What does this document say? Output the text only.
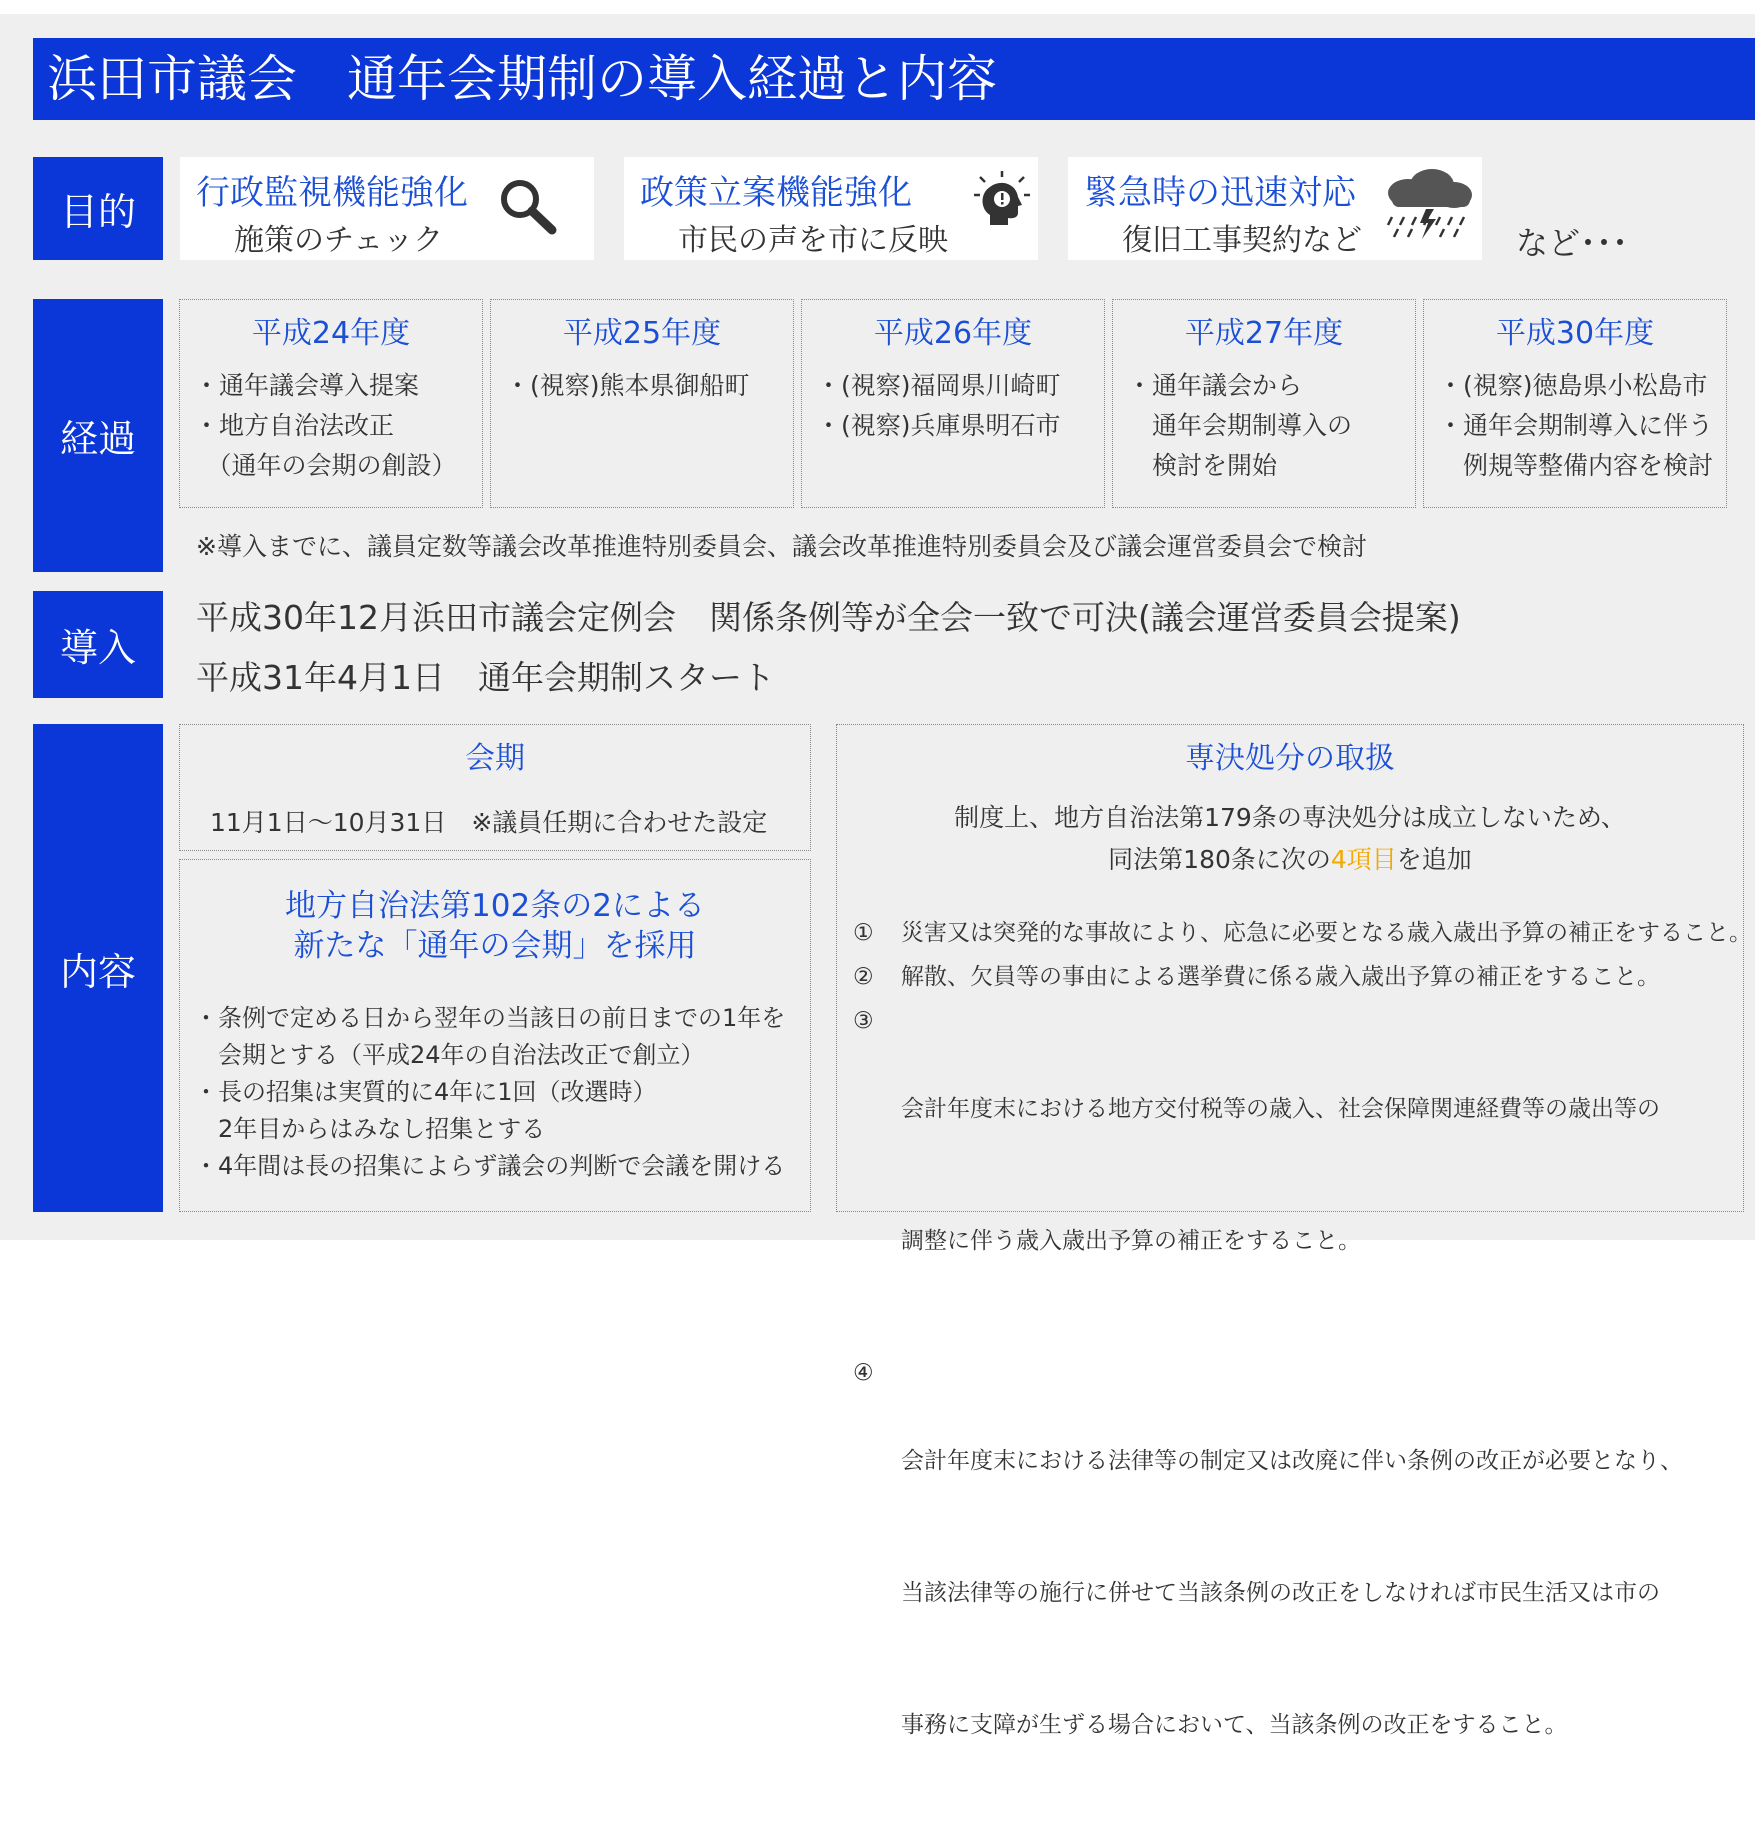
浜田市議会　通年会期制の導入経過と内容
目的	行政監視機能強化
施策のチェック
政策立案機能強化
市民の声を市に反映
緊急時の迅速対応
復旧工事契約など	など･･･
経過
平成24年度
・通年議会導入提案
・地方自治法改正
　（通年の会期の創設）
平成25年度
・(視察)熊本県御船町
平成26年度
・(視察)福岡県川崎町
・(視察)兵庫県明石市
平成27年度
・通年議会から
　通年会期制導入の
　検討を開始
平成30年度
・(視察)徳島県小松島市
・通年会期制導入に伴う
　例規等整備内容を検討
※導入までに、議員定数等議会改革推進特別委員会、議会改革推進特別委員会及び議会運営委員会で検討
導入
平成30年12月浜田市議会定例会　関係条例等が全会一致で可決(議会運営委員会提案)
平成31年4月1日　通年会期制スタート
内容
会期
11月1日～10月31日　※議員任期に合わせた設定
地方自治法第102条の2による
新たな「通年の会期」を採用
・条例で定める日から翌年の当該日の前日までの1年を
　会期とする（平成24年の自治法改正で創立）
・長の招集は実質的に4年に1回（改選時）
　2年目からはみなし招集とする
・4年間は長の招集によらず議会の判断で会議を開ける
専決処分の取扱
制度上、地方自治法第179条の専決処分は成立しないため、
同法第180条に次の4項目を追加
①	災害又は突発的な事故により、応急に必要となる歳入歳出予算の補正をすること。
②	解散、欠員等の事由による選挙費に係る歳入歳出予算の補正をすること。
③

会計年度末における地方交付税等の歳入、社会保障関連経費等の歳出等の

調整に伴う歳入歳出予算の補正をすること。

④

会計年度末における法律等の制定又は改廃に伴い条例の改正が必要となり、

当該法律等の施行に併せて当該条例の改正をしなければ市民生活又は市の

事務に支障が生ずる場合において、当該条例の改正をすること。
